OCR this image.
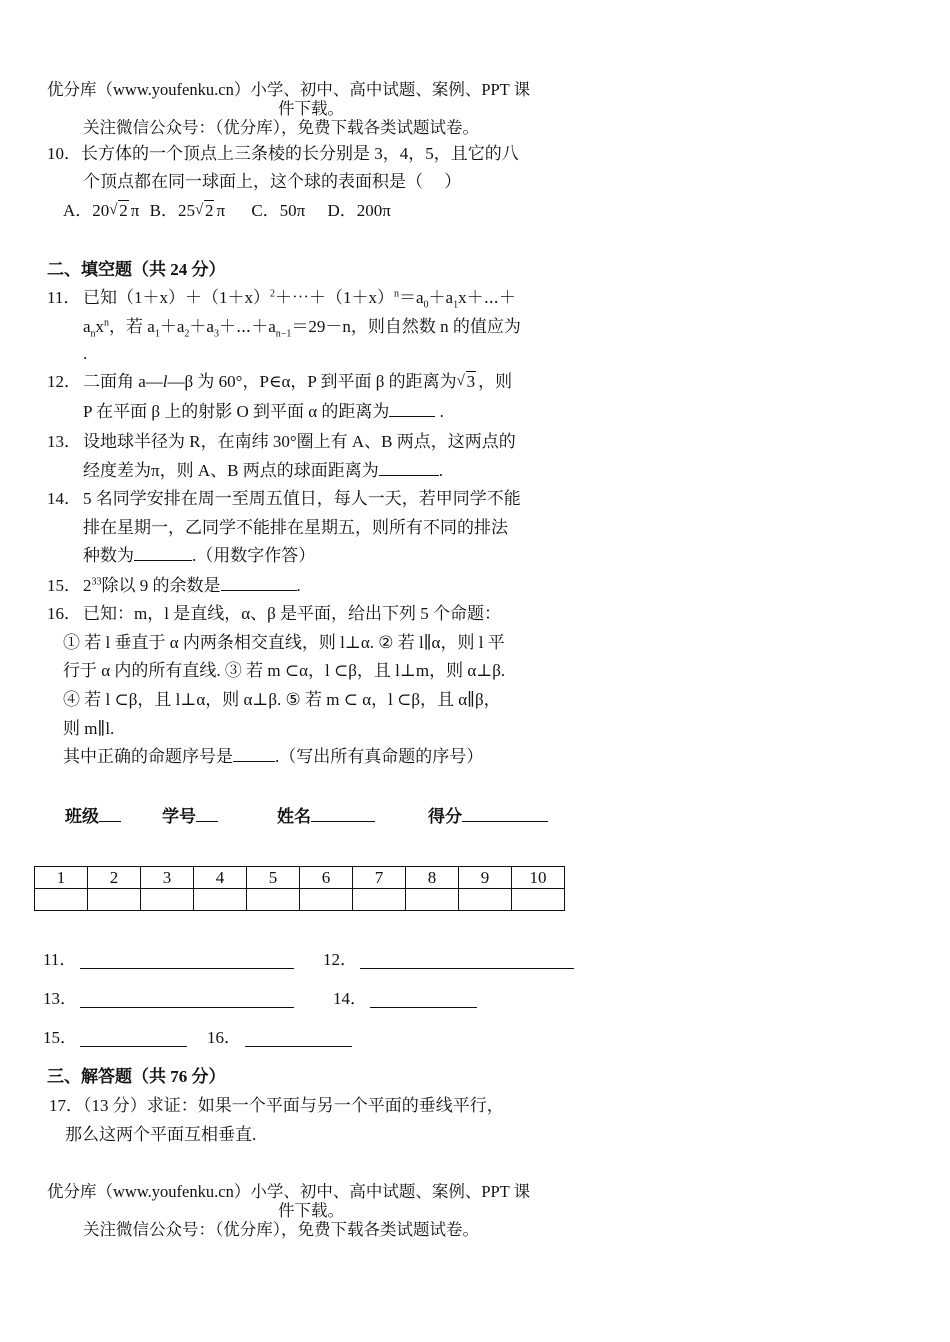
优分库（www.youfenku.cn）小学、初中、高中试题、案例、PPT 课
件下载。
关注微信公众号：（优分库），免费下载各类试题试卷。
10．长方体的一个顶点上三条棱的长分别是 3，4，5，且它的八
个顶点都在同一球面上，这个球的表面积是（　 ）
A．20 √ 2 π B．25 √ 2 π C．50π D．200π
二、填空题（共 24 分）
11． 已知$(1+x)+(1+x)^2+\cdots+(1+x)^n=a_0+a_1x+\cdots+$
$a_nx^n$，若 $a_1+a_2+a_3+\cdots+a_{n-1}=29-n$，则自然数 n 的值应为
.
12． 二面角 a—l—β 为 60°，P∈α，P 到平面 β 的距离为 √ 3 ，则
P 在平面 β 上的射影 O 到平面 α 的距离为	.
13． 设地球半径为 R，在南纬 30°圈上有 A、B 两点，这两点的
经度差为π，则 A、B 两点的球面距离为	.
14． 5 名同学安排在周一至周五值日，每人一天，若甲同学不能
排在星期一，乙同学不能排在星期五，则所有不同的排法
种数为	.（用数字作答）
15． $2^{33}$除以 9 的余数是	.
16． 已知：m，l 是直线，α、β 是平面，给出下列 5 个命题：
① 若 l 垂直于 α 内两条相交直线，则 l⊥α. ② 若 l∥α，则 l 平
行于 α 内的所有直线. ③ 若 m ⊂α，l ⊂β，且 l⊥m，则 α⊥β.
④ 若 l ⊂β，且 l⊥α，则 α⊥β. ⑤ 若 m ⊂ α，l ⊂β，且 α∥β，
则 m∥l.
其中正确的命题序号是 .（写出所有真命题的序号）
班级	学号	姓名	得分
1	2	3	4	5	6	7	8	9	10

11．	12．
13．	14．
15．	16．
三、解答题（共 76 分）
17．（13 分）求证：如果一个平面与另一个平面的垂线平行，
那么这两个平面互相垂直.
优分库（www.youfenku.cn）小学、初中、高中试题、案例、PPT 课
件下载。
关注微信公众号：（优分库），免费下载各类试题试卷。
